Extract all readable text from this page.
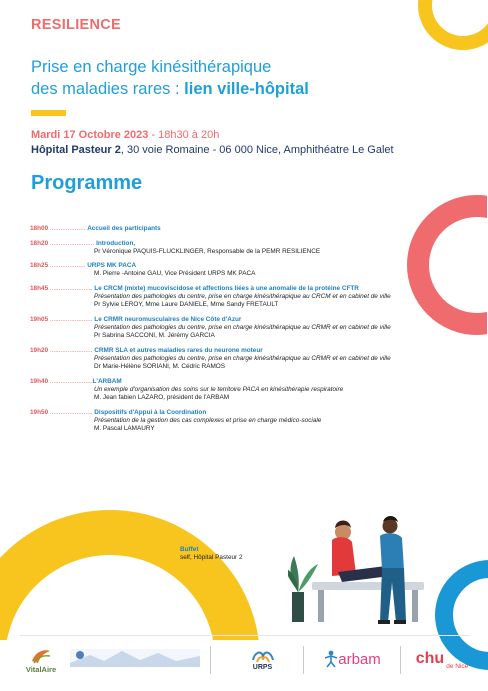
RESILIENCE
Prise en charge kinésithérapique
des maladies rares : lien ville-hôpital
Mardi 17 Octobre 2023 - 18h30 à 20h
Hôpital Pasteur 2, 30 voie Romaine - 06 000 Nice, Amphithéatre Le Galet
Programme
18h00 .................... Accueil des participants
18h20 ......................... Introduction,
Pr Véronique PAQUIS-FLUCKLINGER, Responsable de la PEMR RESILIENCE
18h25 .................... URPS MK PACA
M. Pierre -Antoine GAU, Vice Président URPS MK PACA
18h45 ........................ Le CRCM (mixte) mucoviscidose et affections liées à une anomalie de la protéine CFTR
Présentation des pathologies du centre, prise en charge kinésithérapique au CRCM et en cabinet de ville
Pr Sylvie LEROY, Mme Laure DANIELE, Mme Sandy FRETAULT
19h05 ........................ Le CRMR neuromusculaires de Nice Côte d'Azur
Présentation des pathologies du centre, prise en charge kinésithérapique au CRMR et en cabinet de ville
Pr Sabrina SACCONI, M. Jérémy GARCIA
19h20 ........................ CRMR SLA et autres maladies rares du neurone moteur
Présentation des pathologies du centre, prise en charge kinésithérapique au CRMR et en cabinet de ville
Dr Marie-Hélène SORIANI, M. Cédric RAMOS
19h40 ........................L'ARBAM
Un exemple d'organisation des soins sur le territoire PACA en kinésithérapie respiratoire
M. Jean fabien LAZARO, président de l'ARBAM
19h50 ........................ Dispositifs d'Appui à la Coordination
Présentation de la gestion des cas complexes et prise en charge médico-sociale
M. Pascal LAMAURY
Buffet
self, Hôpital Pasteur 2
VitalAire	URPS	arbam chu de Nice
